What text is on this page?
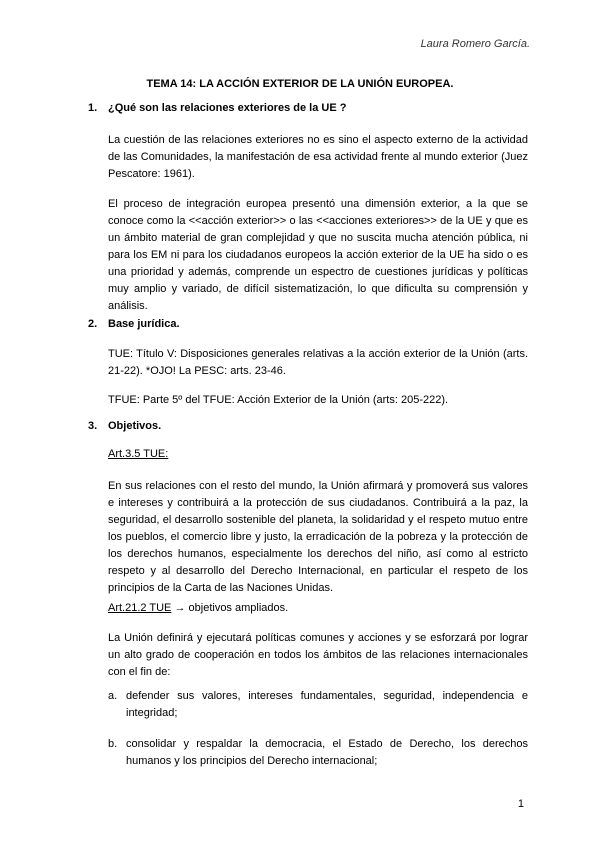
Laura Romero García.
TEMA 14: LA ACCIÓN EXTERIOR DE LA UNIÓN EUROPEA.
1. ¿Qué son las relaciones exteriores de la UE ?
La cuestión de las relaciones exteriores no es sino el aspecto externo de la actividad de las Comunidades, la manifestación de esa actividad frente al mundo exterior (Juez Pescatore: 1961).
El proceso de integración europea presentó una dimensión exterior, a la que se conoce como la <<acción exterior>> o las <<acciones exteriores>> de la UE y que es un ámbito material de gran complejidad y que no suscita mucha atención pública, ni para los EM ni para los ciudadanos europeos la acción exterior de la UE ha sido o es una prioridad y además, comprende un espectro de cuestiones jurídicas y políticas muy amplio y variado, de difícil sistematización, lo que dificulta su comprensión y análisis.
2. Base jurídica.
TUE: Título V: Disposiciones generales relativas a la acción exterior de la Unión (arts. 21-22). *OJO! La PESC: arts. 23-46.
TFUE: Parte 5º del TFUE: Acción Exterior de la Unión (arts: 205-222).
3. Objetivos.
Art.3.5 TUE:
En sus relaciones con el resto del mundo, la Unión afirmará y promoverá sus valores e intereses y contribuirá a la protección de sus ciudadanos. Contribuirá a la paz, la seguridad, el desarrollo sostenible del planeta, la solidaridad y el respeto mutuo entre los pueblos, el comercio libre y justo, la erradicación de la pobreza y la protección de los derechos humanos, especialmente los derechos del niño, así como al estricto respeto y al desarrollo del Derecho Internacional, en particular el respeto de los principios de la Carta de las Naciones Unidas.
Art.21.2 TUE → objetivos ampliados.
La Unión definirá y ejecutará políticas comunes y acciones y se esforzará por lograr un alto grado de cooperación en todos los ámbitos de las relaciones internacionales con el fin de:
a. defender sus valores, intereses fundamentales, seguridad, independencia e integridad;
b. consolidar y respaldar la democracia, el Estado de Derecho, los derechos humanos y los principios del Derecho internacional;
1
